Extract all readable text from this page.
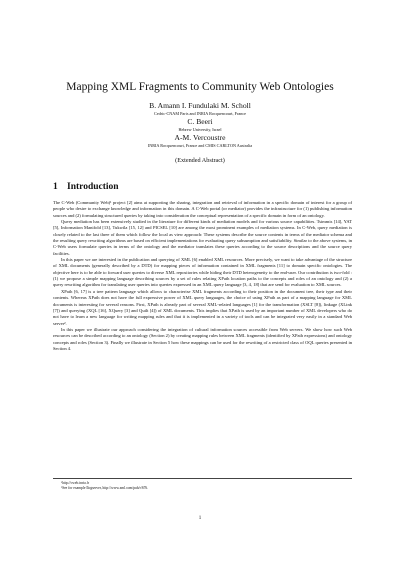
Mapping XML Fragments to Community Web Ontologies
B. Amann I. Fundulaki M. Scholl
Cedric-CNAM Paris and INRIA Rocquencourt, France
C. Beeri
Hebrew University, Israel
A-M. Vercoustre
INRIA Rocquencourt, France and CMIS CARLTON Australia
(Extended Abstract)
1 Introduction

The C-Web (Community Web)¹ project [2] aims at supporting the sharing, integration and retrieval of information in a specific domain of interest for a group of people who desire to exchange knowledge and information in this domain. A C-Web portal (or mediator) provides the infrastructure for (1) publishing information sources and (2) formulating structured queries by taking into consideration the conceptual representation of a specific domain in form of an ontology.

Query mediation has been extensively studied in the literature for different kinds of mediation models and for various source capabilities. Tsimmis [14], YAT [5], Information Manifold [13], Tukwila [15, 12] and PICSEL [10] are among the most prominent examples of mediation systems. In C-Web, query mediation is closely related to the last three of them which follow the local as view approach: These systems describe the source contents in terms of the mediator schema and the resulting query rewriting algorithms are based on efficient implementations for evaluating query subsumption and satisfiability. Similar to the above systems, in C-Web users formulate queries in terms of the ontology and the mediator translates these queries according to the source descriptions and the source query facilities.

In this paper we are interested in the publication and querying of XML [6] enabled XML resources. More precisely, we want to take advantage of the structure of XML documents (generally described by a DTD) for mapping pieces of information contained in XML fragments [11] to domain specific ontologies. The objective here is to be able to forward user queries to diverse XML repositories while hiding their DTD heterogeneity to the end-user. Our contribution is two-fold : (1) we propose a simple mapping language describing sources by a set of rules relating XPath location paths to the concepts and roles of an ontology and (2) a query rewriting algorithm for translating user queries into queries expressed in an XML query language [3, 4, 18] that are send for evaluation to XML sources.

XPath [6, 17] is a tree pattern language which allows to characterise XML fragments according to their position in the document tree, their type and their contents. Whereas XPath does not have the full expressive power of XML query languages, the choice of using XPath as part of a mapping language for XML documents is interesting for several reasons. First, XPath is already part of several XML-related languages [1] for the transformation (XSLT [8]), linkage (XLink [7]) and querying (XQL [16], XQuery [3] and Quilt [4]) of XML documents. This implies that XPath is used by an important number of XML developers who do not have to learn a new language for writing mapping rules and that it is implemented in a variety of tools and can be integrated very easily in a standard Web server².

In this paper we illustrate our approach considering the integration of cultural information sources accessible from Web servers. We show how such Web resources can be described according to an ontology (Section 2) by creating mapping rules between XML fragments (identified by XPath expressions) and ontology concepts and roles (Section 3). Finally we illustrate in Section 5 how these mappings can be used for the rewriting of a restricted class of OQL queries presented in Section 4.

¹http://cweb.inria.fr
²See for example Ilogserver, http://www.xml.com/pub/r/676.
1
